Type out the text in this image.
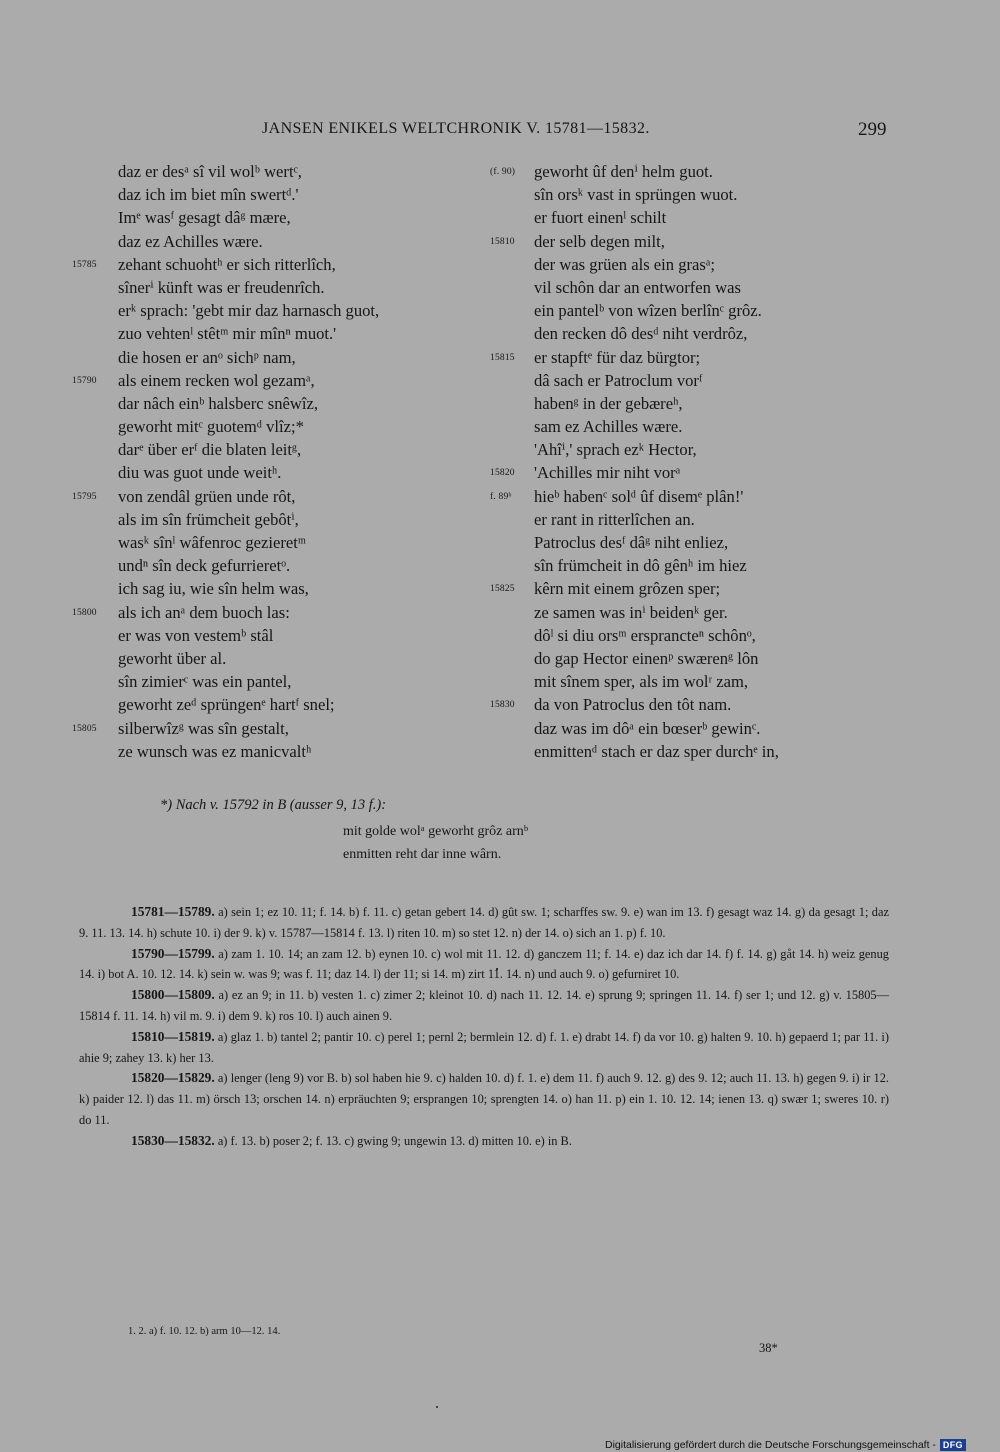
JANSEN ENIKELS WELTCHRONIK V. 15781—15832.	299
daz er desᵃ sî vil wolᵇ wertᶜ,
daz ich im biet mîn swertᵈ.'
Imᵉ wasᶠ gesagt dâᵍ mære,
daz ez Achilles wære.
15785	zehant schuohtʰ er sich ritterlîch,
sînerⁱ künft was er freudenrîch.
erᵏ sprach: 'gebt mir daz harnasch guot,
zuo vehtenˡ stêtᵐ mir mînⁿ muot.'
die hosen er anᵒ sichᵖ nam,
15790	als einem recken wol gezamᵃ,
dar nâch einᵇ halsberc snêwîz,
geworht mitᶜ guotemᵈ vlîz;*
darᵉ über erᶠ die blaten leitᵍ,
diu was guot unde weitʰ.
15795	von zendâl grüen unde rôt,
als im sîn frümcheit gebôtⁱ,
wasᵏ sînˡ wâfenroc gezieretᵐ
undⁿ sîn deck gefurrieretᵒ.
ich sag iu, wie sîn helm was,
15800	als ich anᵃ dem buoch las:
er was von vestemᵇ stâl
geworht über al.
sîn zimierᶜ was ein pantel,
geworht zeᵈ sprüngenᵉ hartᶠ snel;
15805	silberwîzᵍ was sîn gestalt,
ze wunsch was ez manicvaltʰ
(f. 90)	geworht ûf denⁱ helm guot.
sîn orsᵏ vast in sprüngen wuot.
er fuort einenˡ schilt
15810	der selb degen milt,
der was grüen als ein grasᵃ;
vil schôn dar an entworfen was
ein pantelᵇ von wîzen berlînᶜ grôz.
den recken dô desᵈ niht verdrôz,
15815	er stapftᵉ für daz bürgtor;
dâ sach er Patroclum vorᶠ
habenᵍ in der gebæreʰ,
sam ez Achilles wære.
'Ahîⁱ,' sprach ezᵏ Hector,
15820	'Achilles mir niht vorᵃ
f. 89ᵇ	hieᵇ habenᶜ solᵈ ûf disemᵉ plân!'
er rant in ritterlîchen an.
Patroclus desᶠ dâᵍ niht enliez,
sîn frümcheit in dô gênʰ im hiez
15825	kêrn mit einem grôzen sper;
ze samen was inⁱ beidenᵏ ger.
dôˡ si diu orsᵐ ersprancteⁿ schônᵒ,
do gap Hector einenᵖ swærenᵍ lôn
mit sînem sper, als im wolʳ zam,
15830	da von Patroclus den tôt nam.
daz was im dôᵃ ein bœserᵇ gewinᶜ.
enmittenᵈ stach er daz sper durchᵉ in,
*) Nach v. 15792 in B (ausser 9, 13 f.):
mit golde wolᵃ geworht grôz arnᵇ
enmitten reht dar inne wârn.
15781—15789. a) sein 1; ez 10. 11; f. 14. b) f. 11. c) getan gebert 14. d) gût sw. 1; scharffes sw. 9. e) wan im 13. f) gesagt waz 14. g) da gesagt 1; daz 9. 11. 13. 14. h) schute 10. i) der 9. k) v. 15787—15814 f. 13. l) riten 10. m) so stet 12. n) der 14. o) sich an 1. p) f. 10.
15790—15799. a) zam 1. 10. 14; an zam 12. b) eynen 10. c) wol mit 11. 12. d) ganczem 11; f. 14. e) daz ich dar 14. f) f. 14. g) gåt 14. h) weiz genug 14. i) bot A. 10. 12. 14. k) sein w. was 9; was f. 11; daz 14. l) der 11; si 14. m) zirt 11. 14. n) und auch 9. o) gefurniret 10.
15800—15809. a) ez an 9; in 11. b) vesten 1. c) zimer 2; kleinot 10. d) nach 11. 12. 14. e) sprung 9; springen 11. 14. f) ser 1; und 12. g) v. 15805—15814 f. 11. 14. h) vil m. 9. i) dem 9. k) ros 10. l) auch ainen 9.
15810—15819. a) glaz 1. b) tantel 2; pantir 10. c) perel 1; pernl 2; bermlein 12. d) f. 1. e) drabt 14. f) da vor 10. g) halten 9. 10. h) gepaerd 1; par 11. i) ahie 9; zahey 13. k) her 13.
15820—15829. a) lenger (leng 9) vor B. b) sol haben hie 9. c) halden 10. d) f. 1. e) dem 11. f) auch 9. 12. g) des 9. 12; auch 11. 13. h) gegen 9. i) ir 12. k) paider 12. l) das 11. m) örsch 13; orschen 14. n) erpräuchten 9; ersprangen 10; sprengten 14. o) han 11. p) ein 1. 10. 12. 14; ienen 13. q) swær 1; sweres 10. r) do 11.
15830—15832. a) f. 13. b) poser 2; f. 13. c) gwing 9; ungewin 13. d) mitten 10. e) in B.
1. 2. a) f. 10. 12. b) arm 10—12. 14.
38*
Digitalisierung gefördert durch die Deutsche Forschungsgemeinschaft - DFG
